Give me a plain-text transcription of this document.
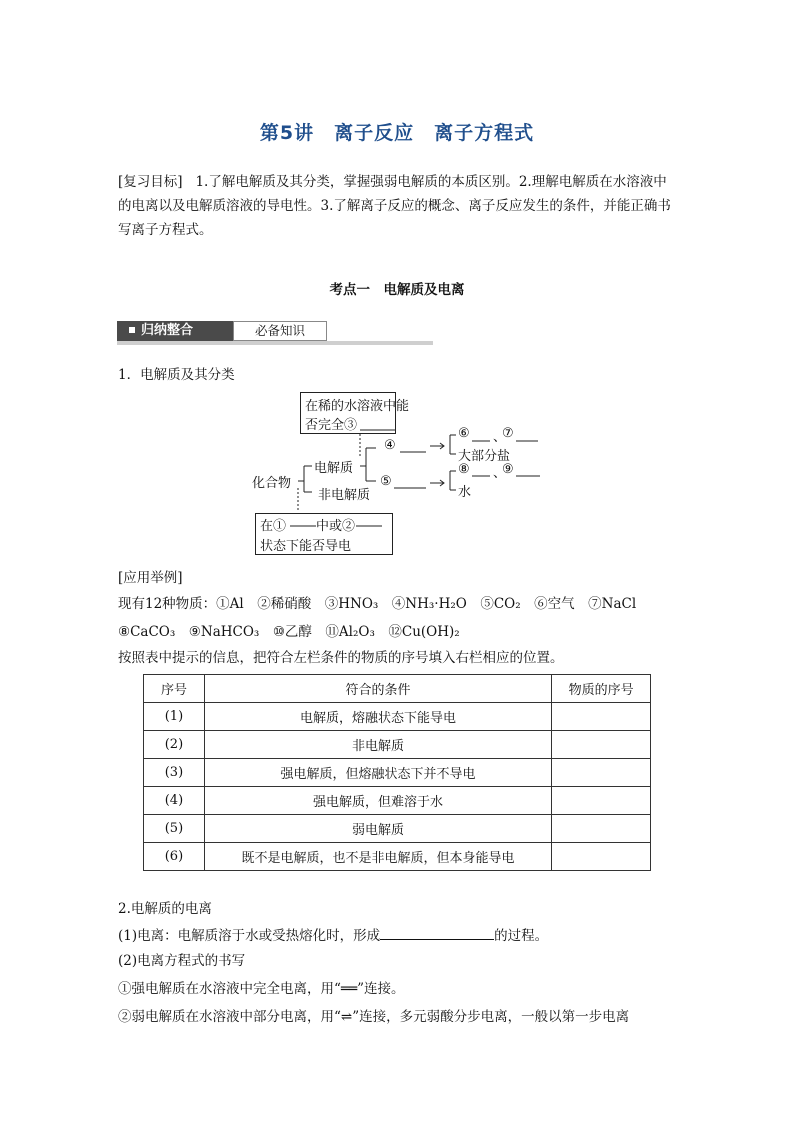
第5讲　离子反应　离子方程式
[复习目标] 1.了解电解质及其分类，掌握强弱电解质的本质区别。2.理解电解质在水溶液中的电离以及电解质溶液的导电性。3.了解离子反应的概念、离子反应发生的条件，并能正确书写离子方程式。
考点一　电解质及电离
归纳整合	必备知识
1．电解质及其分类
在稀的水溶液中能
否完全③
化合物
电解质
非电解质
④
⑤
⑥ 、
⑦
大部分盐
⑧ 、
⑨
水
在① 中或②
状态下能否导电
[应用举例]
现有12种物质：①Al　②稀硝酸　③HNO₃　④NH₃·H₂O　⑤CO₂　⑥空气　⑦NaCl
⑧CaCO₃　⑨NaHCO₃　⑩乙醇　⑪Al₂O₃　⑫Cu(OH)₂
按照表中提示的信息，把符合左栏条件的物质的序号填入右栏相应的位置。
序号	符合的条件	物质的序号
(1)	电解质，熔融状态下能导电	
(2)	非电解质	
(3)	强电解质，但熔融状态下并不导电	
(4)	强电解质，但难溶于水	
(5)	弱电解质	
(6)	既不是电解质，也不是非电解质，但本身能导电	
2.电解质的电离
(1)电离：电解质溶于水或受热熔化时，形成	的过程。
(2)电离方程式的书写
①强电解质在水溶液中完全电离，用“══”连接。
②弱电解质在水溶液中部分电离，用“⇌”连接，多元弱酸分步电离，一般以第一步电离
